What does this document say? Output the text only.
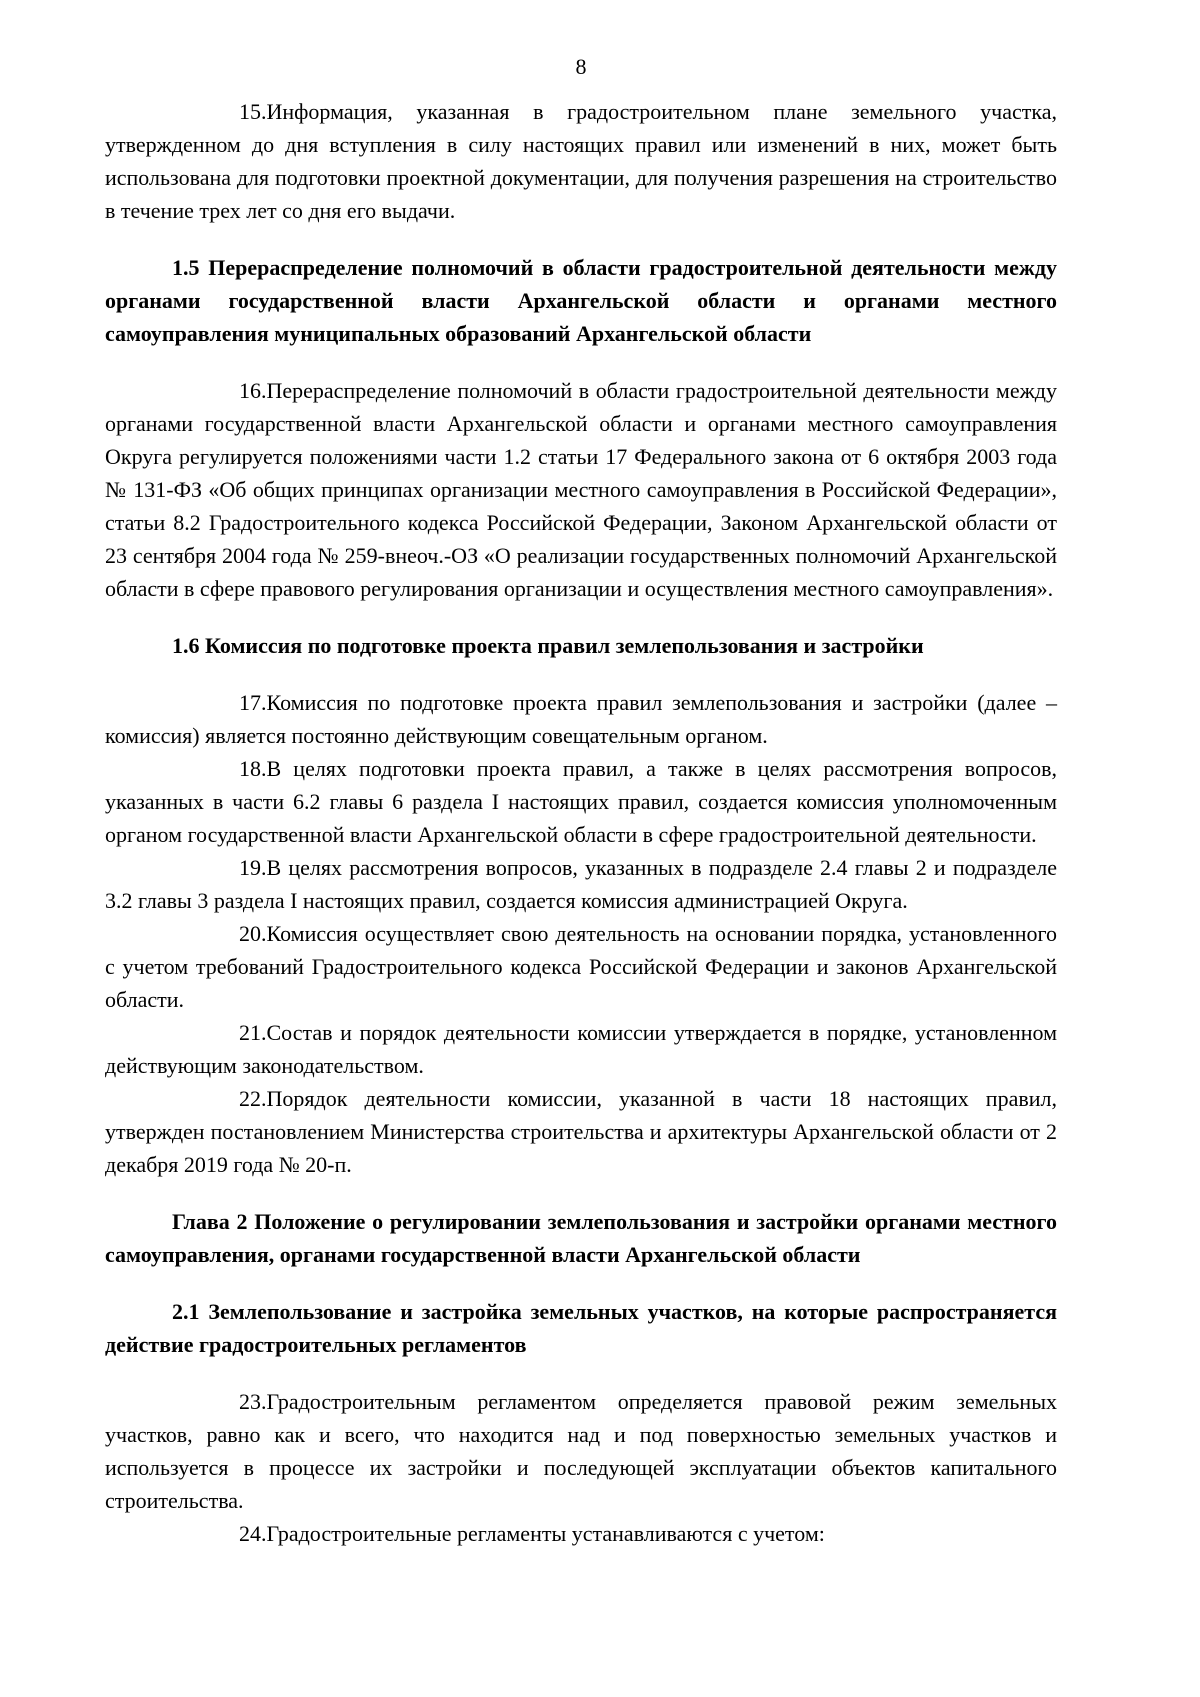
8

15.Информация, указанная в градостроительном плане земельного участка, утвержденном до дня вступления в силу настоящих правил или изменений в них, может быть использована для подготовки проектной документации, для получения разрешения на строительство в течение трех лет со дня его выдачи.

1.5 Перераспределение полномочий в области градостроительной деятельности между органами государственной власти Архангельской области и органами местного самоуправления муниципальных образований Архангельской области

16.Перераспределение полномочий в области градостроительной деятельности между органами государственной власти Архангельской области и органами местного самоуправления Округа регулируется положениями части 1.2 статьи 17 Федерального закона от 6 октября 2003 года № 131-ФЗ «Об общих принципах организации местного самоуправления в Российской Федерации», статьи 8.2 Градостроительного кодекса Российской Федерации, Законом Архангельской области от 23 сентября 2004 года № 259-внеоч.-ОЗ «О реализации государственных полномочий Архангельской области в сфере правового регулирования организации и осуществления местного самоуправления».

1.6 Комиссия по подготовке проекта правил землепользования и застройки

17.Комиссия по подготовке проекта правил землепользования и застройки (далее – комиссия) является постоянно действующим совещательным органом.

18.В целях подготовки проекта правил, а также в целях рассмотрения вопросов, указанных в части 6.2 главы 6 раздела I настоящих правил, создается комиссия уполномоченным органом государственной власти Архангельской области в сфере градостроительной деятельности.

19.В целях рассмотрения вопросов, указанных в подразделе 2.4 главы 2 и подразделе 3.2 главы 3 раздела I настоящих правил, создается комиссия администрацией Округа.

20.Комиссия осуществляет свою деятельность на основании порядка, установленного с учетом требований Градостроительного кодекса Российской Федерации и законов Архангельской области.

21.Состав и порядок деятельности комиссии утверждается в порядке, установленном действующим законодательством.

22.Порядок деятельности комиссии, указанной в части 18 настоящих правил, утвержден постановлением Министерства строительства и архитектуры Архангельской области от 2 декабря 2019 года № 20-п.

Глава 2 Положение о регулировании землепользования и застройки органами местного самоуправления, органами государственной власти Архангельской области

2.1 Землепользование и застройка земельных участков, на которые распространяется действие градостроительных регламентов

23.Градостроительным регламентом определяется правовой режим земельных участков, равно как и всего, что находится над и под поверхностью земельных участков и используется в процессе их застройки и последующей эксплуатации объектов капитального строительства.

24.Градостроительные регламенты устанавливаются с учетом:
